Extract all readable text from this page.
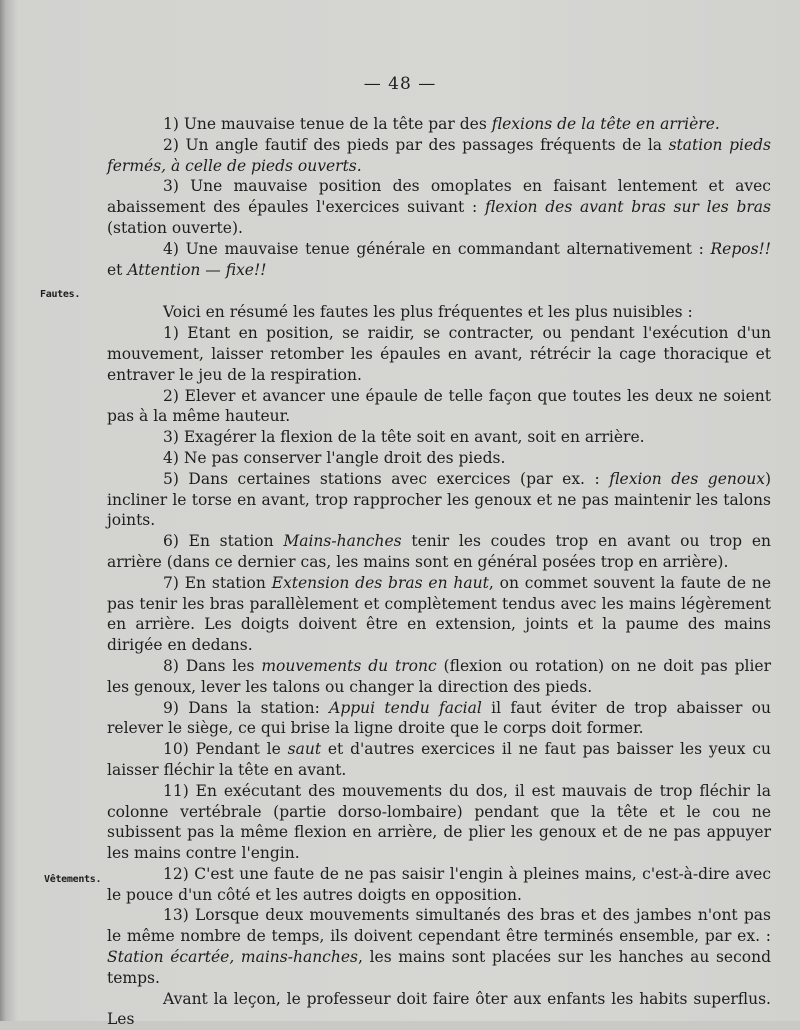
— 48 —
Fautes.
Vêtements.

1) Une mauvaise tenue de la tête par des flexions de la tête en arrière.

2) Un angle fautif des pieds par des passages fréquents de la station pieds fermés, à celle de pieds ouverts.

3) Une mauvaise position des omoplates en faisant lentement et avec abaissement des épaules l'exercices suivant : flexion des avant bras sur les bras (station ouverte).

4) Une mauvaise tenue générale en commandant alternativement : Repos!! et Attention — fixe!!

Voici en résumé les fautes les plus fréquentes et les plus nuisibles :

1) Etant en position, se raidir, se contracter, ou pendant l'exécution d'un mouvement, laisser retomber les épaules en avant, rétrécir la cage thoracique et entraver le jeu de la respiration.

2) Elever et avancer une épaule de telle façon que toutes les deux ne soient pas à la même hauteur.

3) Exagérer la flexion de la tête soit en avant, soit en arrière.

4) Ne pas conserver l'angle droit des pieds.

5) Dans certaines stations avec exercices (par ex. : flexion des genoux) incliner le torse en avant, trop rapprocher les genoux et ne pas maintenir les talons joints.

6) En station Mains-hanches tenir les coudes trop en avant ou trop en arrière (dans ce dernier cas, les mains sont en général posées trop en arrière).

7) En station Extension des bras en haut, on commet souvent la faute de ne pas tenir les bras parallèlement et complètement tendus avec les mains légèrement en arrière. Les doigts doivent être en extension, joints et la paume des mains dirigée en dedans.

8) Dans les mouvements du tronc (flexion ou rotation) on ne doit pas plier les genoux, lever les talons ou changer la direction des pieds.

9) Dans la station: Appui tendu facial il faut éviter de trop abaisser ou relever le siège, ce qui brise la ligne droite que le corps doit former.

10) Pendant le saut et d'autres exercices il ne faut pas baisser les yeux cu laisser fléchir la tête en avant.

11) En exécutant des mouvements du dos, il est mauvais de trop fléchir la colonne vertébrale (partie dorso-lombaire) pendant que la tête et le cou ne subissent pas la même flexion en arrière, de plier les genoux et de ne pas appuyer les mains contre l'engin.

12) C'est une faute de ne pas saisir l'engin à pleines mains, c'est-à-dire avec le pouce d'un côté et les autres doigts en opposition.

13) Lorsque deux mouvements simultanés des bras et des jambes n'ont pas le même nombre de temps, ils doivent cependant être terminés ensemble, par ex. : Station écartée, mains-hanches, les mains sont placées sur les hanches au second temps.

Avant la leçon, le professeur doit faire ôter aux enfants les habits superflus. Les
